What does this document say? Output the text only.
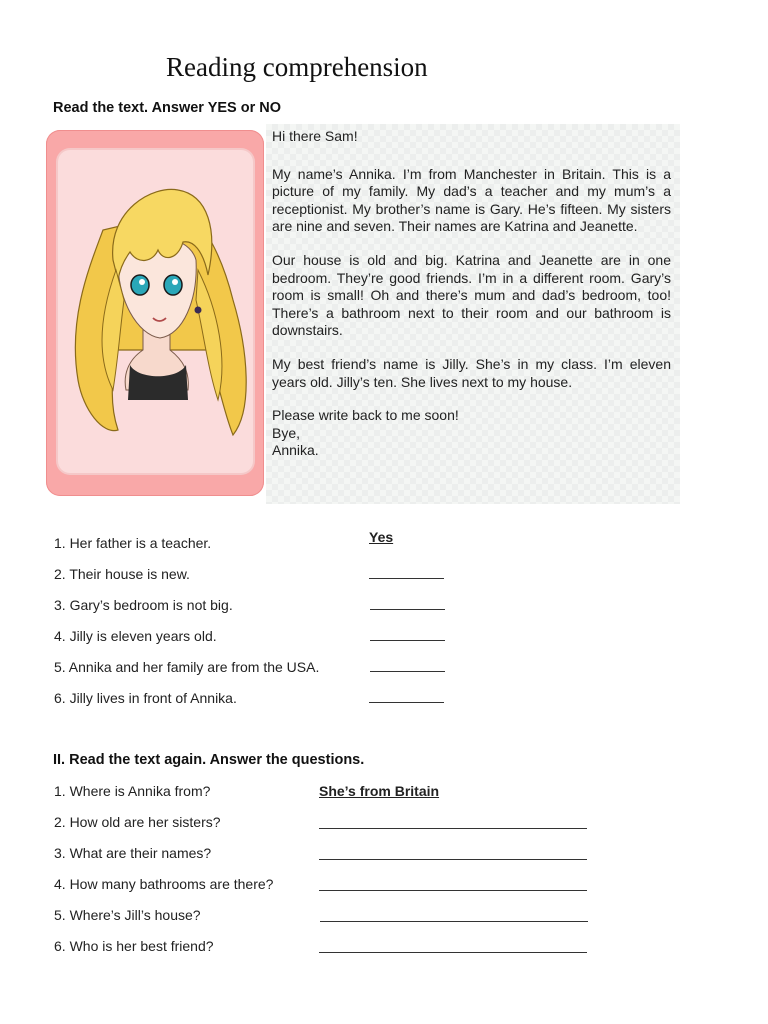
Reading comprehension
Read the text. Answer YES or NO

Hi there Sam!

My name’s Annika. I’m from Manchester in Britain. This is a picture of my family. My dad’s a teacher and my mum’s a receptionist. My brother’s name is Gary. He’s fifteen. My sisters are nine and seven. Their names are Katrina and Jeanette.

Our house is old and big. Katrina and Jeanette are in one bedroom. They’re good friends. I’m in a different room. Gary’s room is small! Oh and there’s mum and dad’s bedroom, too! There’s a bathroom next to their room and our bathroom is downstairs.

My best friend’s name is Jilly. She’s in my class. I’m eleven years old. Jilly’s ten. She lives next to my house.

Please write back to me soon!
Bye,
Annika.
1. Her father is a teacher.	Yes
2. Their house is new.
3. Gary’s bedroom is not big.
4. Jilly is eleven years old.
5. Annika and her family are from the USA.
6. Jilly lives in front of Annika.
II. Read the text again. Answer the questions.
1. Where is Annika from?	She’s from Britain
2. How old are her sisters?
3. What are their names?
4. How many bathrooms are there?
5. Where’s Jill’s house?
6. Who is her best friend?
